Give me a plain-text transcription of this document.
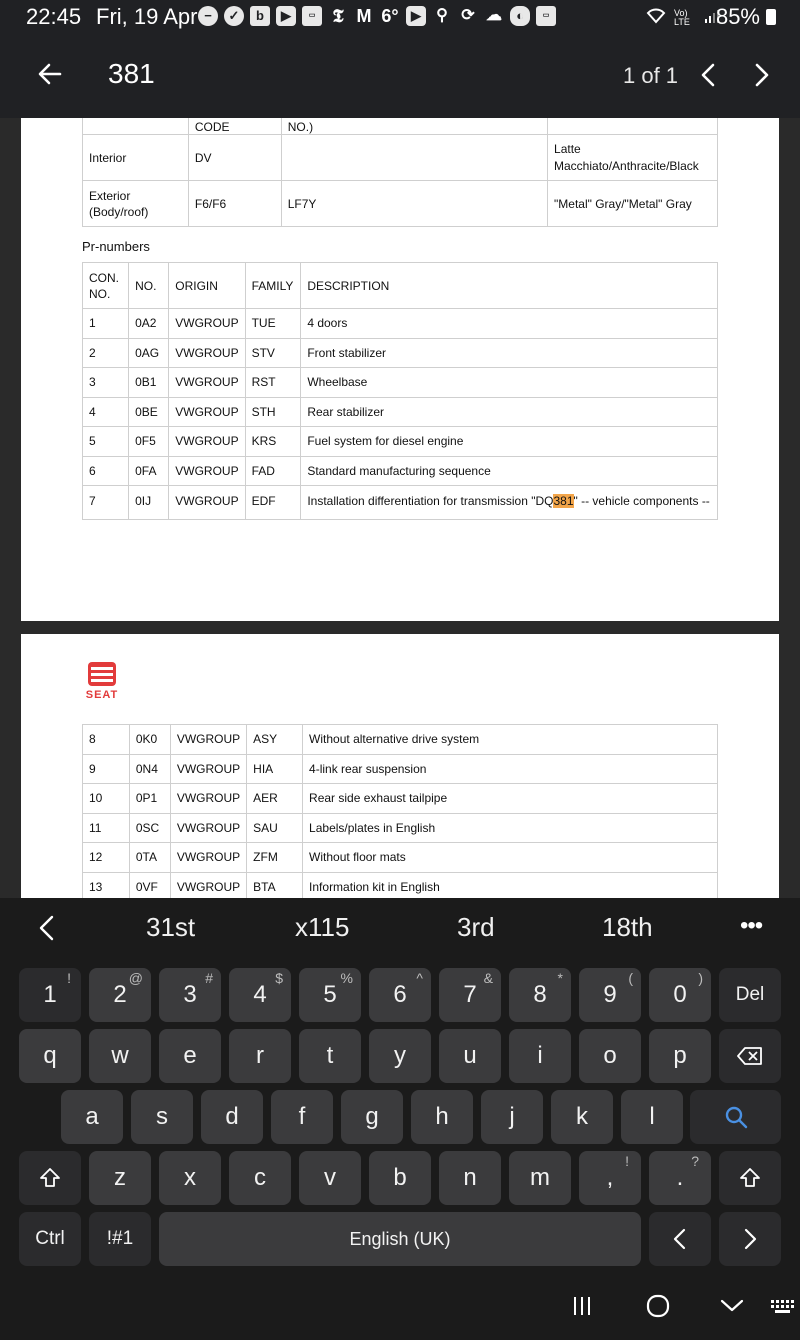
22:45 Fri, 19 Apr −	✓	b	▶	▭ 𝕿 M 6° ▶ ⚲ ⟳ ☁	◐	▭	Vo) LTE 85%
381	1 of 1
	CODE	NO.)	
Interior	DV		Latte Macchiato/Anthracite/Black
Exterior (Body/roof)	F6/F6	LF7Y	"Metal" Gray/"Metal" Gray
Pr-numbers
CON. NO.	NO.	ORIGIN	FAMILY	DESCRIPTION
1	0A2	VWGROUP	TUE	4 doors
2	0AG	VWGROUP	STV	Front stabilizer
3	0B1	VWGROUP	RST	Wheelbase
4	0BE	VWGROUP	STH	Rear stabilizer
5	0F5	VWGROUP	KRS	Fuel system for diesel engine
6	0FA	VWGROUP	FAD	Standard manufacturing sequence
7	0IJ	VWGROUP	EDF	Installation differentiation for transmission "DQ381" -- vehicle components --
SEAT
8	0K0	VWGROUP	ASY	Without alternative drive system
9	0N4	VWGROUP	HIA	4-link rear suspension
10	0P1	VWGROUP	AER	Rear side exhaust tailpipe
11	0SC	VWGROUP	SAU	Labels/plates in English
12	0TA	VWGROUP	ZFM	Without floor mats
13	0VF	VWGROUP	BTA	Information kit in English
31st	x115	3rd	18th	•••
Del
,
!
.
?
Ctrl	!#1	English (UK)
1
!
2
@
3
#
4
$
5
%
6
^
7
&
8
*
9
(
0
)
q	w	e	r	t	y	u	i	o	p
a	s	d	f	g	h	j	k	l
z	x	c	v	b	n	m
